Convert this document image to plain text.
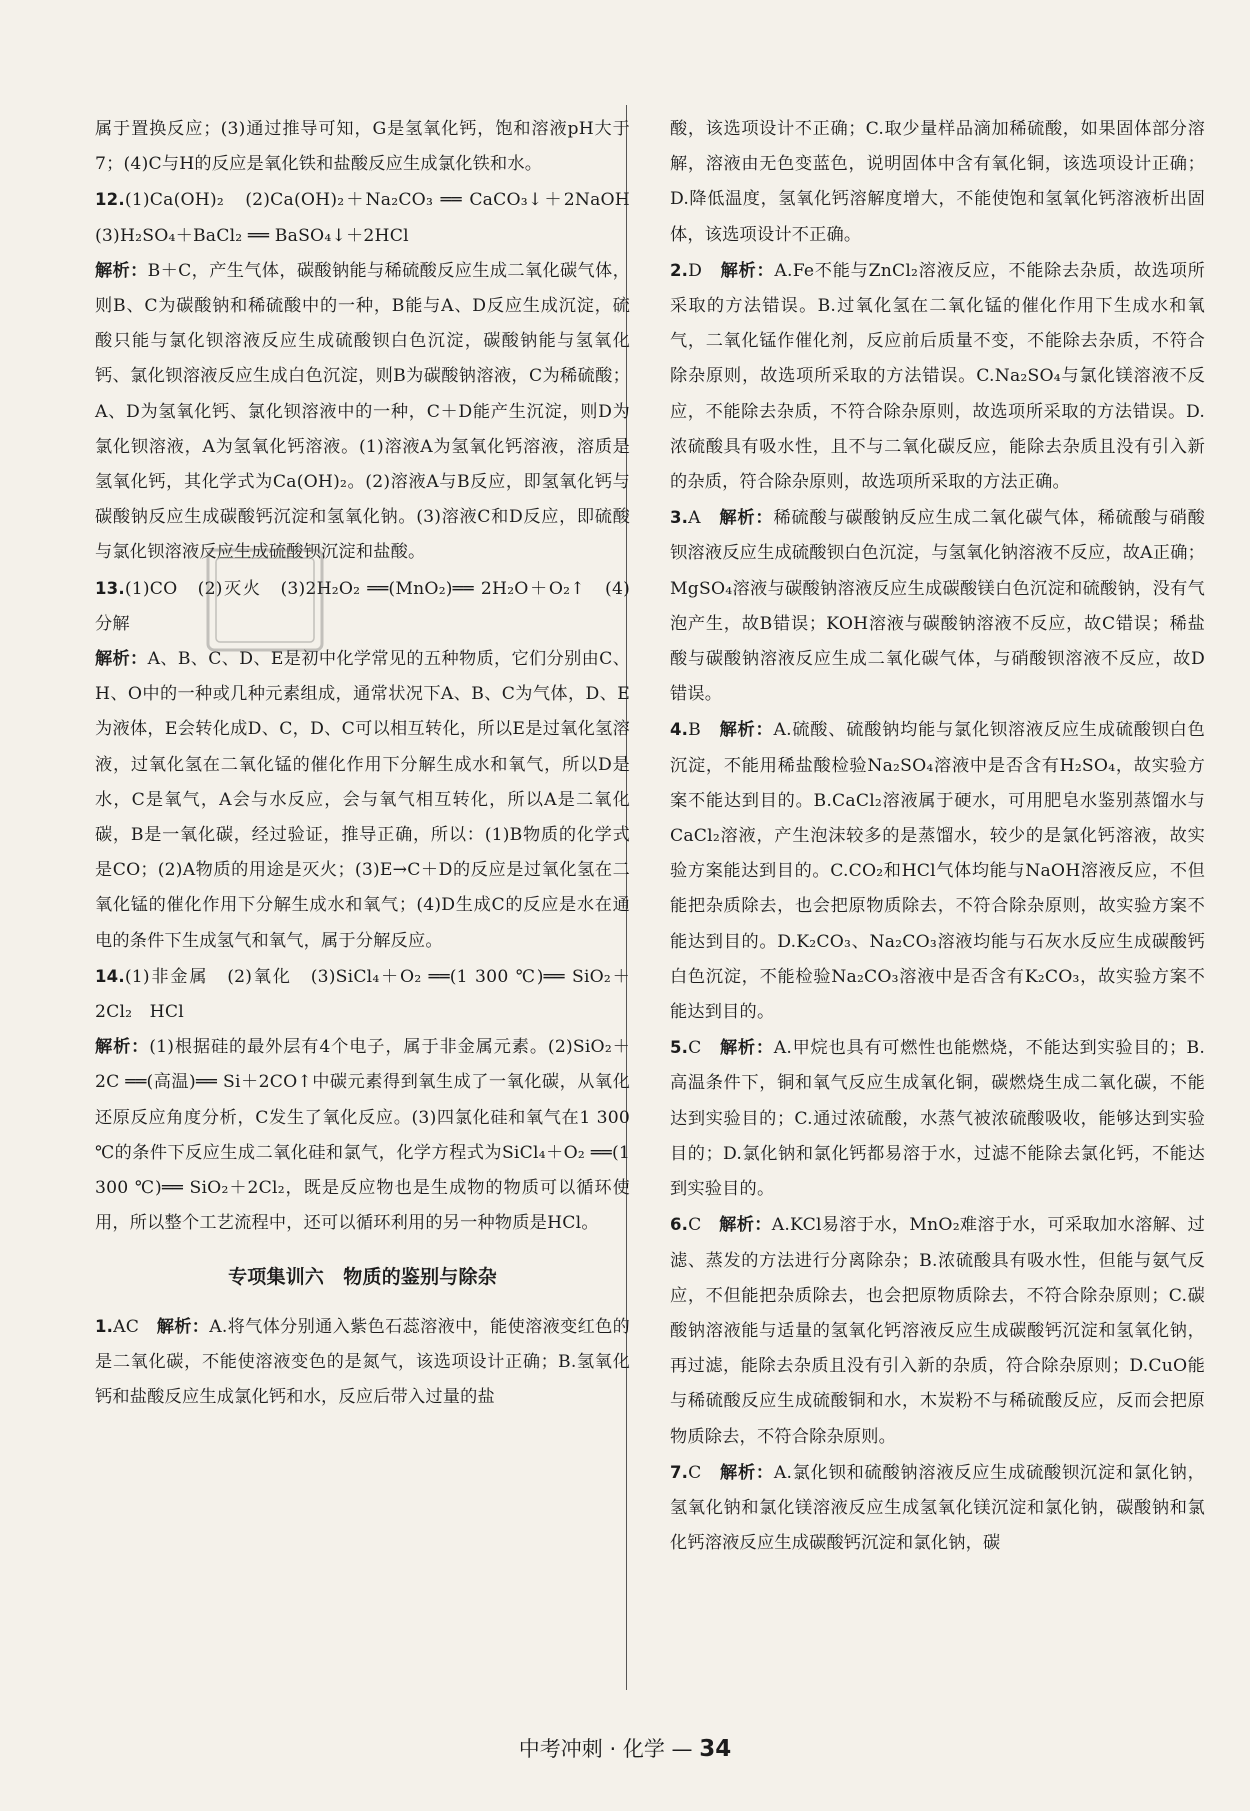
属于置换反应；(3)通过推导可知，G是氢氧化钙，饱和溶液pH大于7；(4)C与H的反应是氧化铁和盐酸反应生成氯化铁和水。

12.(1)Ca(OH)₂　(2)Ca(OH)₂＋Na₂CO₃ ══ CaCO₃↓＋2NaOH　(3)H₂SO₄＋BaCl₂ ══ BaSO₄↓＋2HCl

解析：B＋C，产生气体，碳酸钠能与稀硫酸反应生成二氧化碳气体，则B、C为碳酸钠和稀硫酸中的一种，B能与A、D反应生成沉淀，硫酸只能与氯化钡溶液反应生成硫酸钡白色沉淀，碳酸钠能与氢氧化钙、氯化钡溶液反应生成白色沉淀，则B为碳酸钠溶液，C为稀硫酸；A、D为氢氧化钙、氯化钡溶液中的一种，C＋D能产生沉淀，则D为氯化钡溶液，A为氢氧化钙溶液。(1)溶液A为氢氧化钙溶液，溶质是氢氧化钙，其化学式为Ca(OH)₂。(2)溶液A与B反应，即氢氧化钙与碳酸钠反应生成碳酸钙沉淀和氢氧化钠。(3)溶液C和D反应，即硫酸与氯化钡溶液反应生成硫酸钡沉淀和盐酸。

13.(1)CO　(2)灭火　(3)2H₂O₂ ══(MnO₂)══ 2H₂O＋O₂↑　(4)分解

解析：A、B、C、D、E是初中化学常见的五种物质，它们分别由C、H、O中的一种或几种元素组成，通常状况下A、B、C为气体，D、E为液体，E会转化成D、C，D、C可以相互转化，所以E是过氧化氢溶液，过氧化氢在二氧化锰的催化作用下分解生成水和氧气，所以D是水，C是氧气，A会与水反应，会与氧气相互转化，所以A是二氧化碳，B是一氧化碳，经过验证，推导正确，所以：(1)B物质的化学式是CO；(2)A物质的用途是灭火；(3)E→C＋D的反应是过氧化氢在二氧化锰的催化作用下分解生成水和氧气；(4)D生成C的反应是水在通电的条件下生成氢气和氧气，属于分解反应。

14.(1)非金属　(2)氧化　(3)SiCl₄＋O₂ ══(1 300 ℃)══ SiO₂＋2Cl₂　HCl

解析：(1)根据硅的最外层有4个电子，属于非金属元素。(2)SiO₂＋2C ══(高温)══ Si＋2CO↑中碳元素得到氧生成了一氧化碳，从氧化还原反应角度分析，C发生了氧化反应。(3)四氯化硅和氧气在1 300 ℃的条件下反应生成二氧化硅和氯气，化学方程式为SiCl₄＋O₂ ══(1 300 ℃)══ SiO₂＋2Cl₂，既是反应物也是生成物的物质可以循环使用，所以整个工艺流程中，还可以循环利用的另一种物质是HCl。

专项集训六　物质的鉴别与除杂

1.AC　 解析：A.将气体分别通入紫色石蕊溶液中，能使溶液变红色的是二氧化碳，不能使溶液变色的是氮气，该选项设计正确；B.氢氧化钙和盐酸反应生成氯化钙和水，反应后带入过量的盐

酸，该选项设计不正确；C.取少量样品滴加稀硫酸，如果固体部分溶解，溶液由无色变蓝色，说明固体中含有氧化铜，该选项设计正确；D.降低温度，氢氧化钙溶解度增大，不能使饱和氢氧化钙溶液析出固体，该选项设计不正确。

2.D　 解析：A.Fe不能与ZnCl₂溶液反应，不能除去杂质，故选项所采取的方法错误。B.过氧化氢在二氧化锰的催化作用下生成水和氧气，二氧化锰作催化剂，反应前后质量不变，不能除去杂质，不符合除杂原则，故选项所采取的方法错误。C.Na₂SO₄与氯化镁溶液不反应，不能除去杂质，不符合除杂原则，故选项所采取的方法错误。D.浓硫酸具有吸水性，且不与二氧化碳反应，能除去杂质且没有引入新的杂质，符合除杂原则，故选项所采取的方法正确。

3.A　 解析：稀硫酸与碳酸钠反应生成二氧化碳气体，稀硫酸与硝酸钡溶液反应生成硫酸钡白色沉淀，与氢氧化钠溶液不反应，故A正确；MgSO₄溶液与碳酸钠溶液反应生成碳酸镁白色沉淀和硫酸钠，没有气泡产生，故B错误；KOH溶液与碳酸钠溶液不反应，故C错误；稀盐酸与碳酸钠溶液反应生成二氧化碳气体，与硝酸钡溶液不反应，故D错误。

4.B　 解析：A.硫酸、硫酸钠均能与氯化钡溶液反应生成硫酸钡白色沉淀，不能用稀盐酸检验Na₂SO₄溶液中是否含有H₂SO₄，故实验方案不能达到目的。B.CaCl₂溶液属于硬水，可用肥皂水鉴别蒸馏水与CaCl₂溶液，产生泡沫较多的是蒸馏水，较少的是氯化钙溶液，故实验方案能达到目的。C.CO₂和HCl气体均能与NaOH溶液反应，不但能把杂质除去，也会把原物质除去，不符合除杂原则，故实验方案不能达到目的。D.K₂CO₃、Na₂CO₃溶液均能与石灰水反应生成碳酸钙白色沉淀，不能检验Na₂CO₃溶液中是否含有K₂CO₃，故实验方案不能达到目的。

5.C　 解析：A.甲烷也具有可燃性也能燃烧，不能达到实验目的；B.高温条件下，铜和氧气反应生成氧化铜，碳燃烧生成二氧化碳，不能达到实验目的；C.通过浓硫酸，水蒸气被浓硫酸吸收，能够达到实验目的；D.氯化钠和氯化钙都易溶于水，过滤不能除去氯化钙，不能达到实验目的。

6.C　 解析：A.KCl易溶于水，MnO₂难溶于水，可采取加水溶解、过滤、蒸发的方法进行分离除杂；B.浓硫酸具有吸水性，但能与氨气反应，不但能把杂质除去，也会把原物质除去，不符合除杂原则；C.碳酸钠溶液能与适量的氢氧化钙溶液反应生成碳酸钙沉淀和氢氧化钠，再过滤，能除去杂质且没有引入新的杂质，符合除杂原则；D.CuO能与稀硫酸反应生成硫酸铜和水，木炭粉不与稀硫酸反应，反而会把原物质除去，不符合除杂原则。

7.C　 解析：A.氯化钡和硫酸钠溶液反应生成硫酸钡沉淀和氯化钠，氢氧化钠和氯化镁溶液反应生成氢氧化镁沉淀和氯化钠，碳酸钠和氯化钙溶液反应生成碳酸钙沉淀和氯化钠，碳

中考冲刺 · 化学 — 34
